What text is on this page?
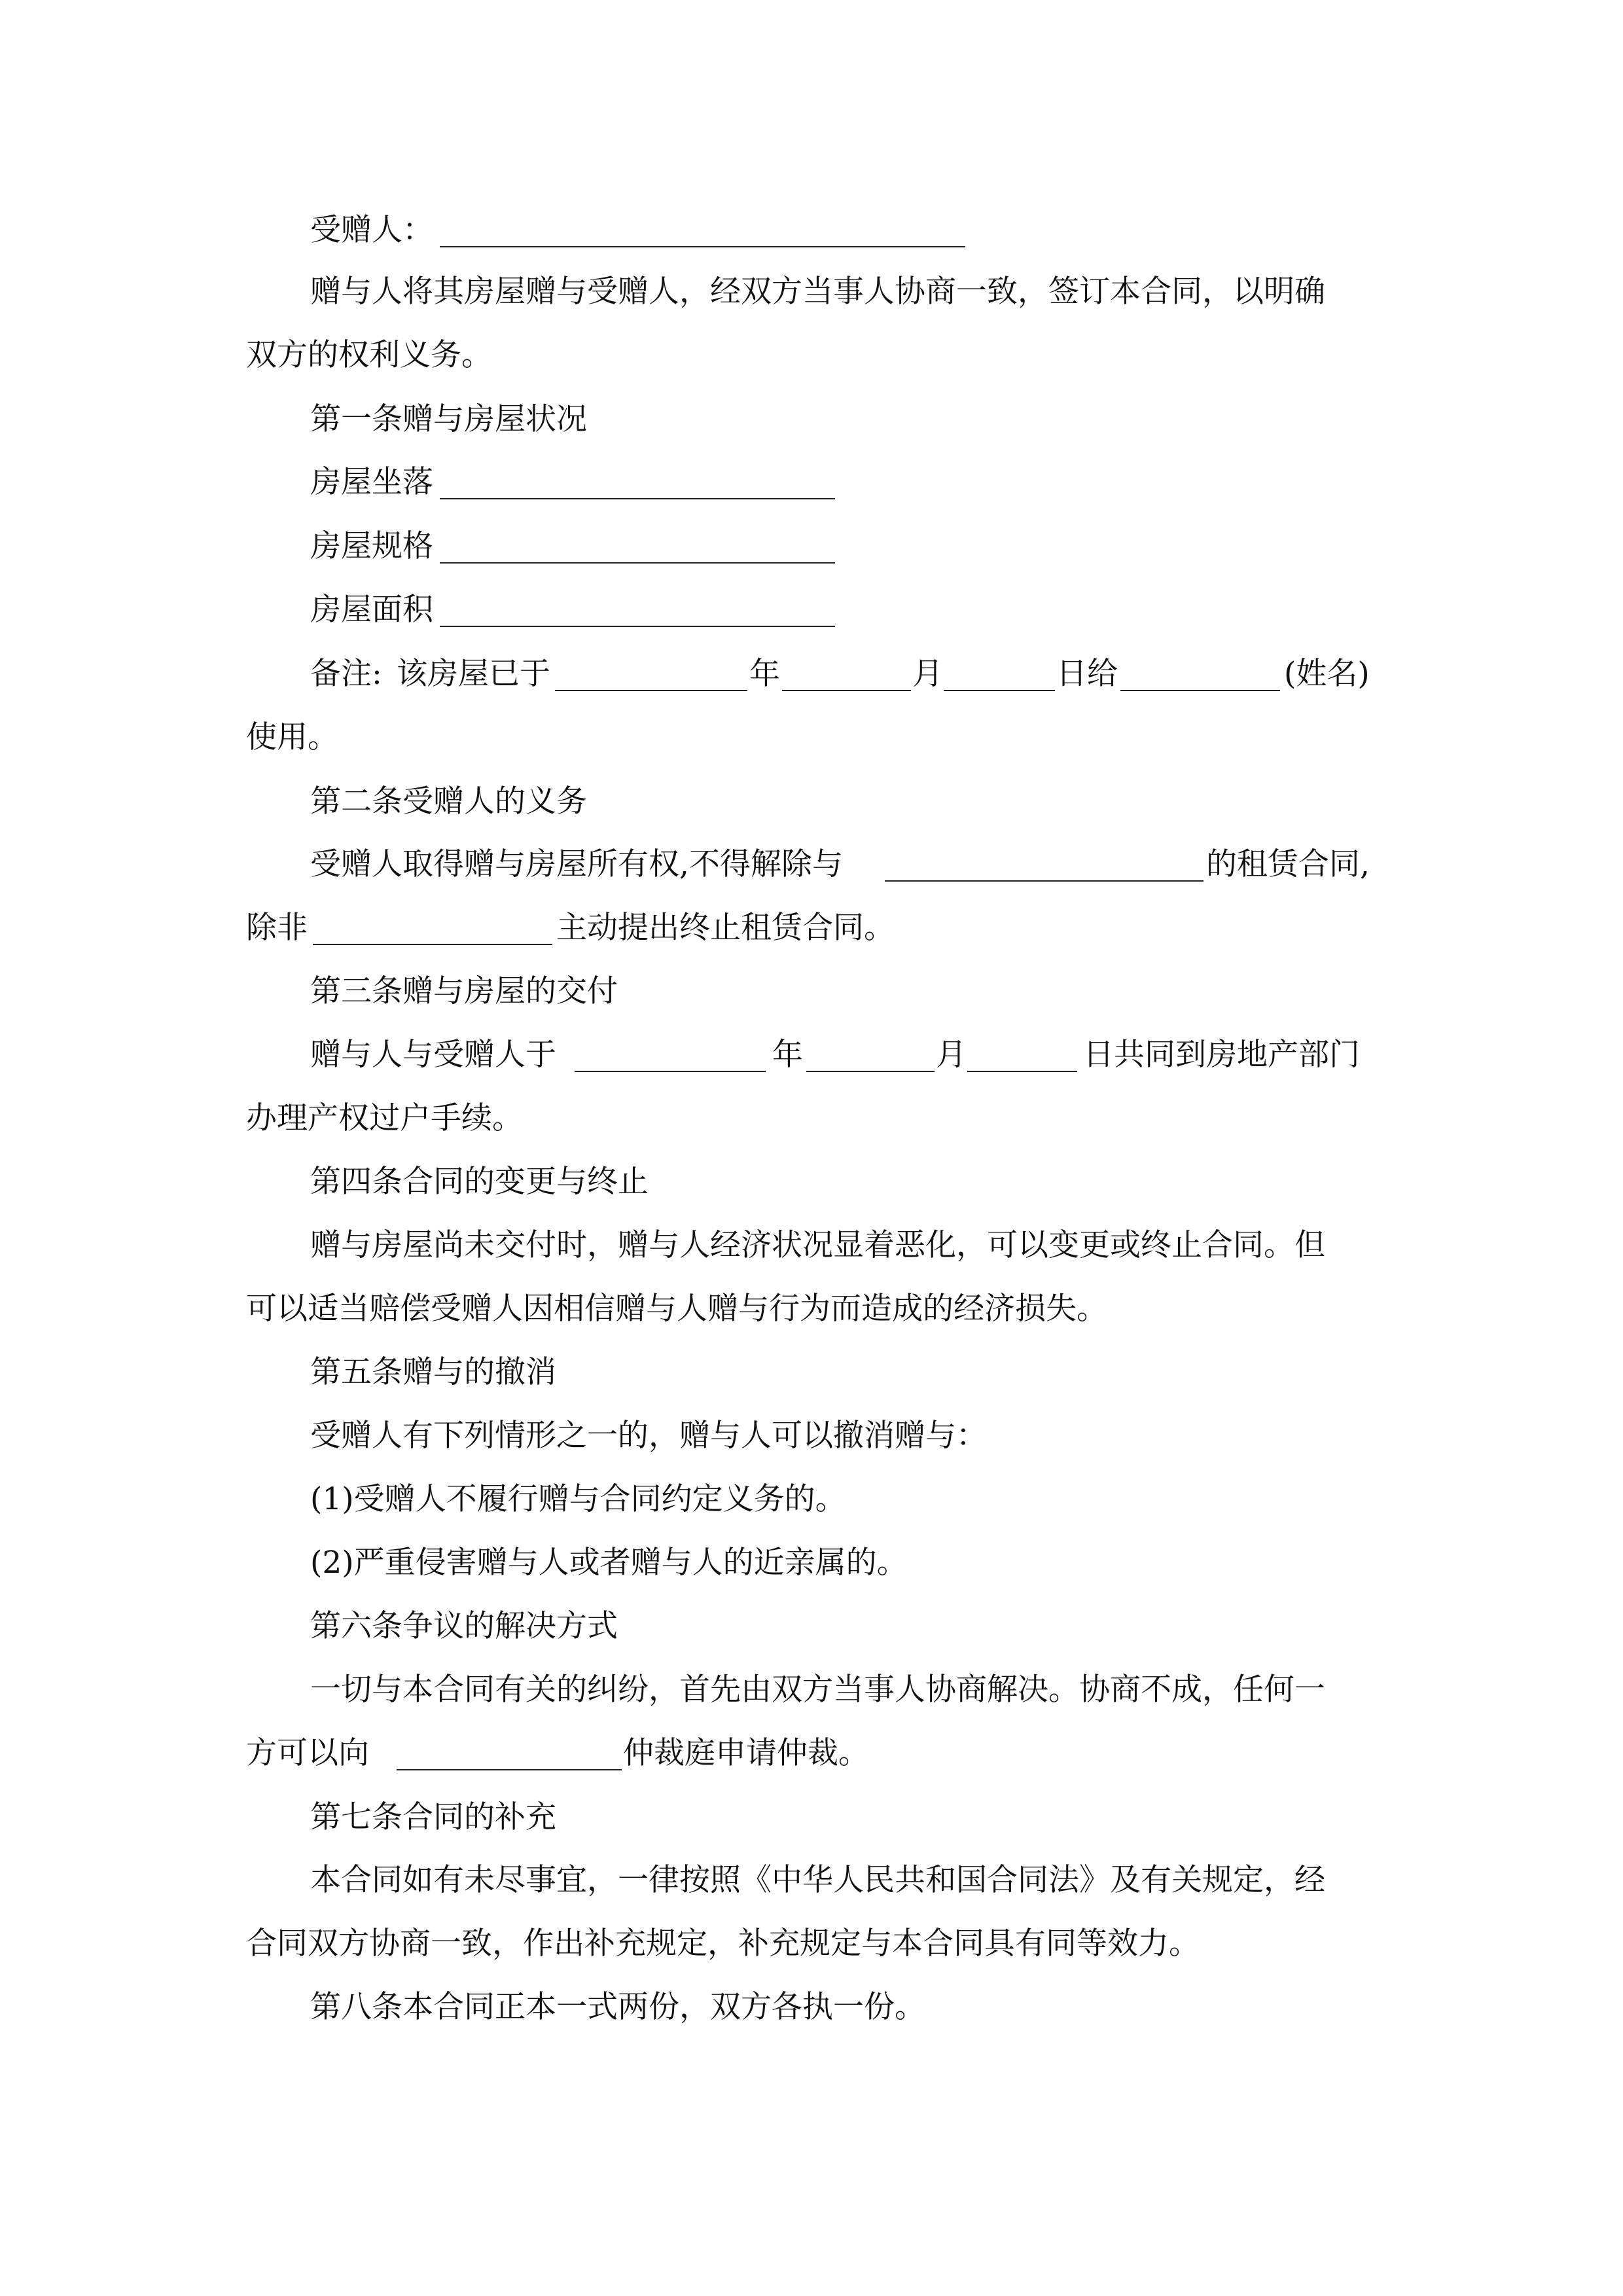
受赠人：
赠与人将其房屋赠与受赠人，经双方当事人协商一致，签订本合同，以明确
双方的权利义务。
第一条赠与房屋状况
房屋坐落
房屋规格
房屋面积
备注: 该房屋已于	年	月	日给	(姓名)
使用。
第二条受赠人的义务
受赠人取得赠与房屋所有权,不得解除与	的租赁合同,
除非	主动提出终止租赁合同。
第三条赠与房屋的交付
赠与人与受赠人于	年	月	日共同到房地产部门
办理产权过户手续。
第四条合同的变更与终止
赠与房屋尚未交付时，赠与人经济状况显着恶化，可以变更或终止合同。但
可以适当赔偿受赠人因相信赠与人赠与行为而造成的经济损失。
第五条赠与的撤消
受赠人有下列情形之一的，赠与人可以撤消赠与：
(1)受赠人不履行赠与合同约定义务的。
(2)严重侵害赠与人或者赠与人的近亲属的。
第六条争议的解决方式
一切与本合同有关的纠纷，首先由双方当事人协商解决。协商不成，任何一
方可以向	仲裁庭申请仲裁。
第七条合同的补充
本合同如有未尽事宜，一律按照《中华人民共和国合同法》及有关规定，经
合同双方协商一致，作出补充规定，补充规定与本合同具有同等效力。
第八条本合同正本一式两份，双方各执一份。
